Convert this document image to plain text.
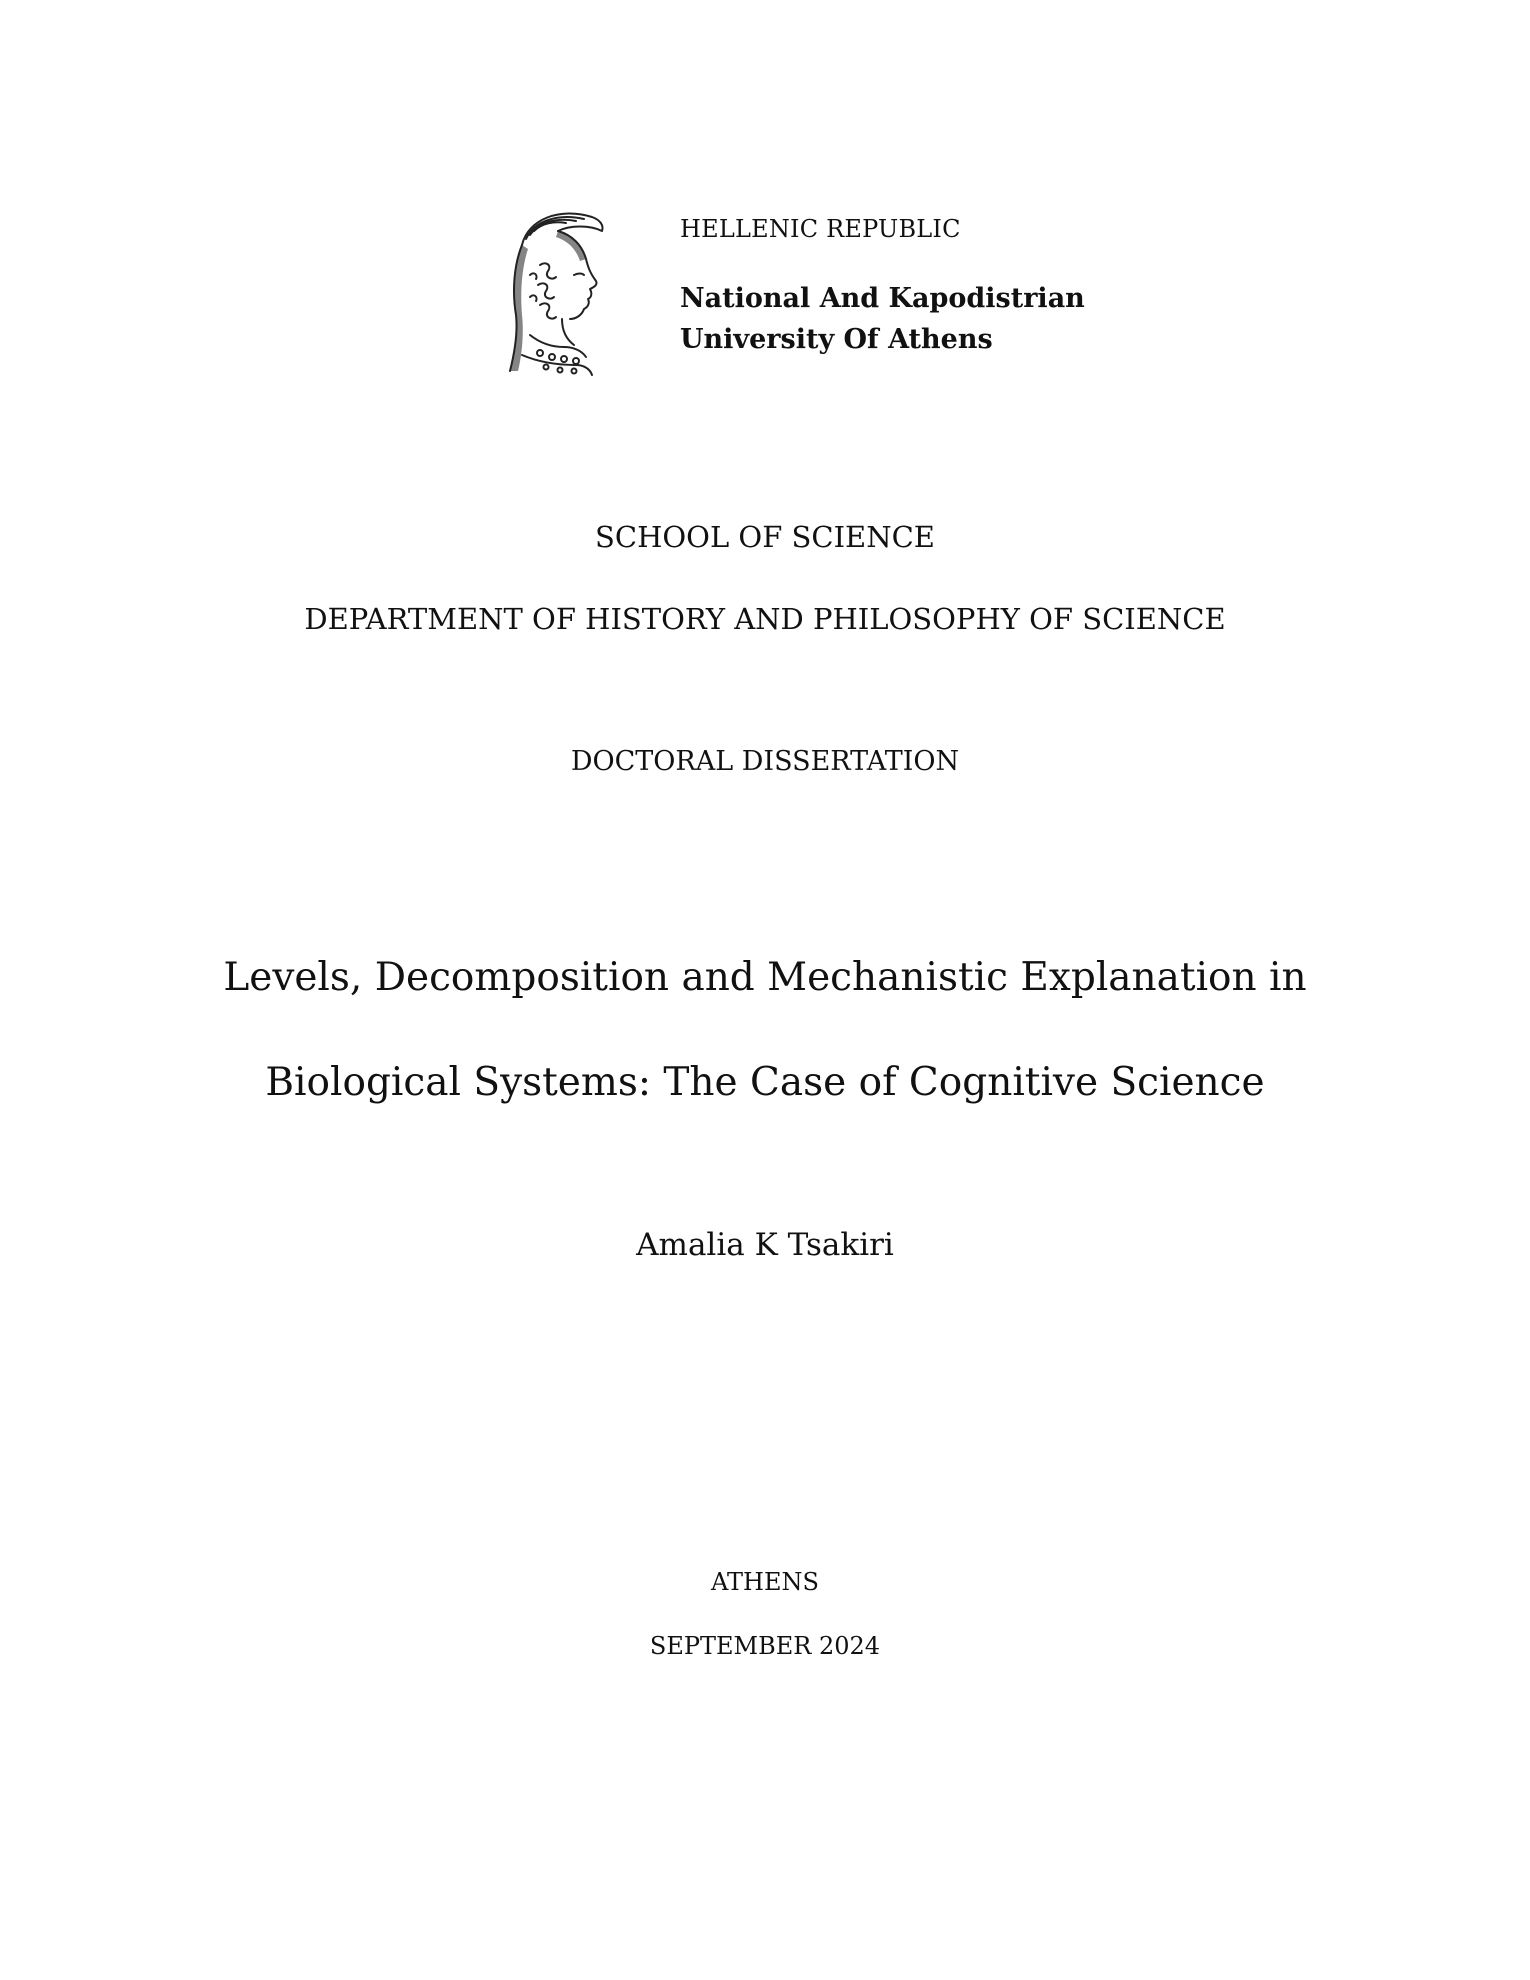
HELLENIC REPUBLIC
National And Kapodistrian
University Of Athens
SCHOOL OF SCIENCE
DEPARTMENT OF HISTORY AND PHILOSOPHY OF SCIENCE
DOCTORAL DISSERTATION
Levels, Decomposition and Mechanistic Explanation in
Biological Systems: The Case of Cognitive Science
Amalia K Tsakiri
ATHENS
SEPTEMBER 2024
